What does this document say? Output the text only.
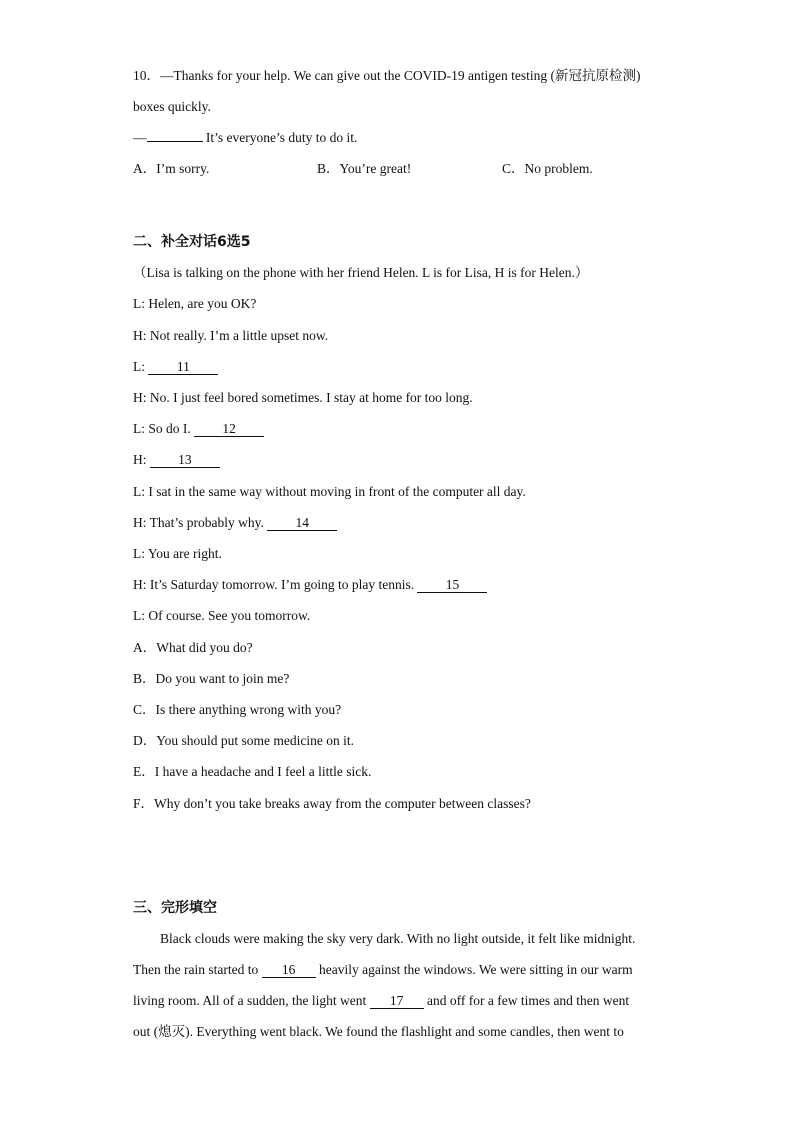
10．—Thanks for your help. We can give out the COVID-19 antigen testing (新冠抗原检测)
boxes quickly.
—	It’s everyone’s duty to do it.
A．I’m sorry.	B．You’re great!	C．No problem.
二、补全对话6选5
（Lisa is talking on the phone with her friend Helen. L is for Lisa, H is for Helen.）
L: Helen, are you OK?
H: Not really. I’m a little upset now.
L: 11
H: No. I just feel bored sometimes. I stay at home for too long.
L: So do I. 12
H: 13
L: I sat in the same way without moving in front of the computer all day.
H: That’s probably why. 14
L: You are right.
H: It’s Saturday tomorrow. I’m going to play tennis. 15
L: Of course. See you tomorrow.
A．What did you do?
B．Do you want to join me?
C．Is there anything wrong with you?
D．You should put some medicine on it.
E．I have a headache and I feel a little sick.
F．Why don’t you take breaks away from the computer between classes?
三、完形填空
Black clouds were making the sky very dark. With no light outside, it felt like midnight.
Then the rain started to 16 heavily against the windows. We were sitting in our warm
living room. All of a sudden, the light went 17 and off for a few times and then went
out (熄灭). Everything went black. We found the flashlight and some candles, then went to
